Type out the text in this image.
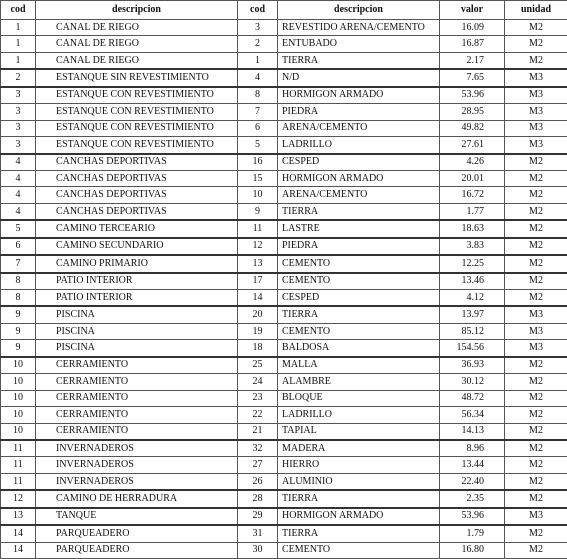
cod	descripcion	cod	descripcion	valor	unidad
1	CANAL DE RIEGO	3	REVESTIDO ARENA/CEMENTO	16.09	M2
1	CANAL DE RIEGO	2	ENTUBADO	16.87	M2
1	CANAL DE RIEGO	1	TIERRA	2.17	M2
2	ESTANQUE SIN REVESTIMIENTO	4	N/D	7.65	M3
3	ESTANQUE CON REVESTIMIENTO	8	HORMIGON ARMADO	53.96	M3
3	ESTANQUE CON REVESTIMIENTO	7	PIEDRA	28.95	M3
3	ESTANQUE CON REVESTIMIENTO	6	ARENA/CEMENTO	49.82	M3
3	ESTANQUE CON REVESTIMIENTO	5	LADRILLO	27.61	M3
4	CANCHAS DEPORTIVAS	16	CESPED	4.26	M2
4	CANCHAS DEPORTIVAS	15	HORMIGON ARMADO	20.01	M2
4	CANCHAS DEPORTIVAS	10	ARENA/CEMENTO	16.72	M2
4	CANCHAS DEPORTIVAS	9	TIERRA	1.77	M2
5	CAMINO TERCEARIO	11	LASTRE	18.63	M2
6	CAMINO SECUNDARIO	12	PIEDRA	3.83	M2
7	CAMINO PRIMARIO	13	CEMENTO	12.25	M2
8	PATIO INTERIOR	17	CEMENTO	13.46	M2
8	PATIO INTERIOR	14	CESPED	4.12	M2
9	PISCINA	20	TIERRA	13.97	M3
9	PISCINA	19	CEMENTO	85.12	M3
9	PISCINA	18	BALDOSA	154.56	M3
10	CERRAMIENTO	25	MALLA	36.93	M2
10	CERRAMIENTO	24	ALAMBRE	30.12	M2
10	CERRAMIENTO	23	BLOQUE	48.72	M2
10	CERRAMIENTO	22	LADRILLO	56.34	M2
10	CERRAMIENTO	21	TAPIAL	14.13	M2
11	INVERNADEROS	32	MADERA	8.96	M2
11	INVERNADEROS	27	HIERRO	13.44	M2
11	INVERNADEROS	26	ALUMINIO	22.40	M2
12	CAMINO DE HERRADURA	28	TIERRA	2.35	M2
13	TANQUE	29	HORMIGON ARMADO	53.96	M3
14	PARQUEADERO	31	TIERRA	1.79	M2
14	PARQUEADERO	30	CEMENTO	16.80	M2
